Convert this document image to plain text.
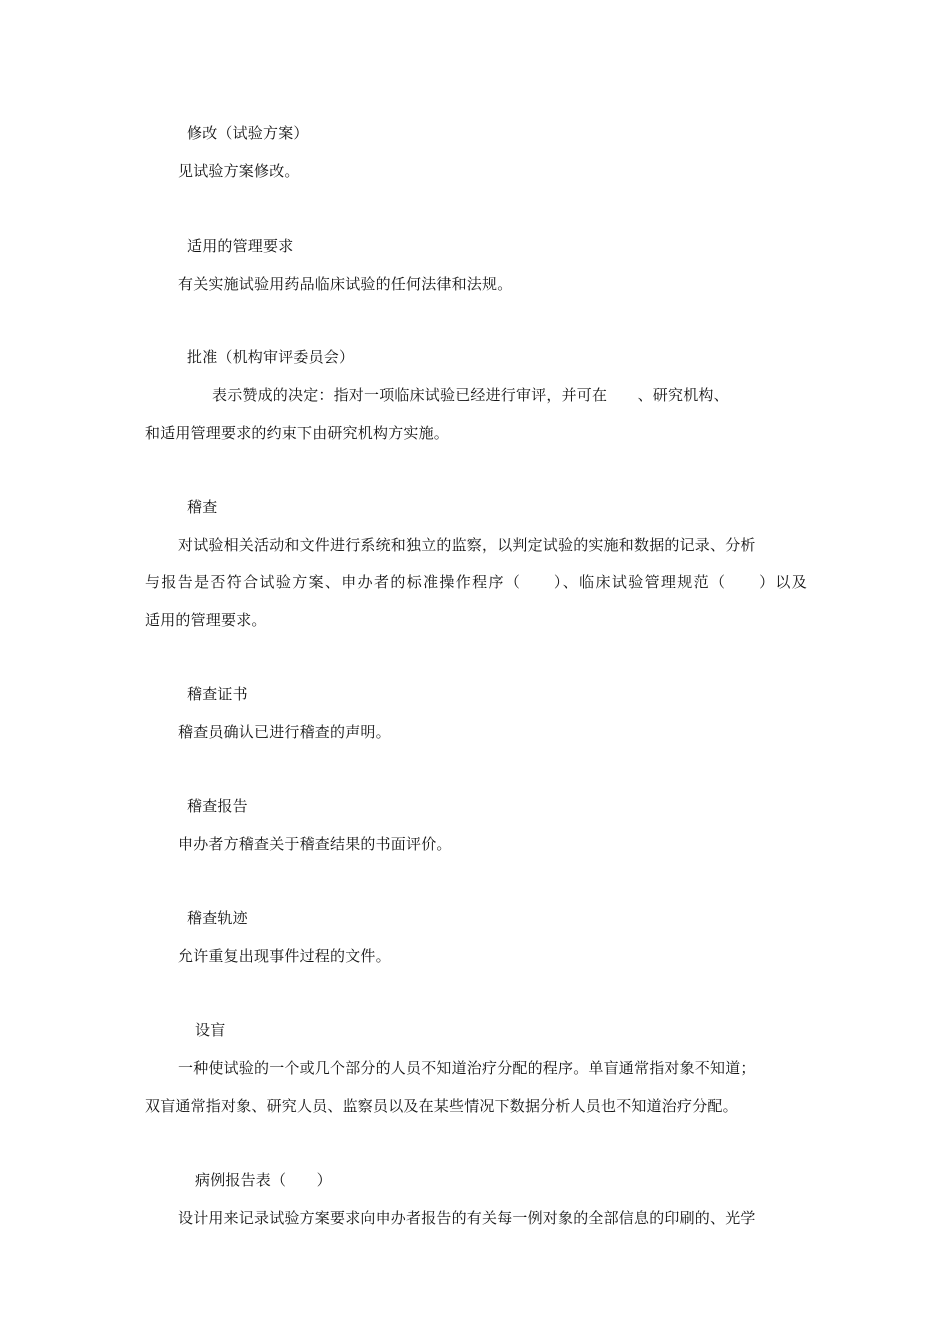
修改（试验方案）
见试验方案修改。
适用的管理要求
有关实施试验用药品临床试验的任何法律和法规。
批准（机构审评委员会）
表示赞成的决定：指对一项临床试验已经进行审评，并可在　　、研究机构、
和适用管理要求的约束下由研究机构方实施。
稽查
对试验相关活动和文件进行系统和独立的监察，以判定试验的实施和数据的记录、分析
与报告是否符合试验方案、申办者的标准操作程序（　　）、临床试验管理规范（　　）以及
适用的管理要求。
稽查证书
稽查员确认已进行稽查的声明。
稽查报告
申办者方稽查关于稽查结果的书面评价。
稽查轨迹
允许重复出现事件过程的文件。
设盲
一种使试验的一个或几个部分的人员不知道治疗分配的程序。单盲通常指对象不知道；
双盲通常指对象、研究人员、监察员以及在某些情况下数据分析人员也不知道治疗分配。
病例报告表（　　）
设计用来记录试验方案要求向申办者报告的有关每一例对象的全部信息的印刷的、光学
